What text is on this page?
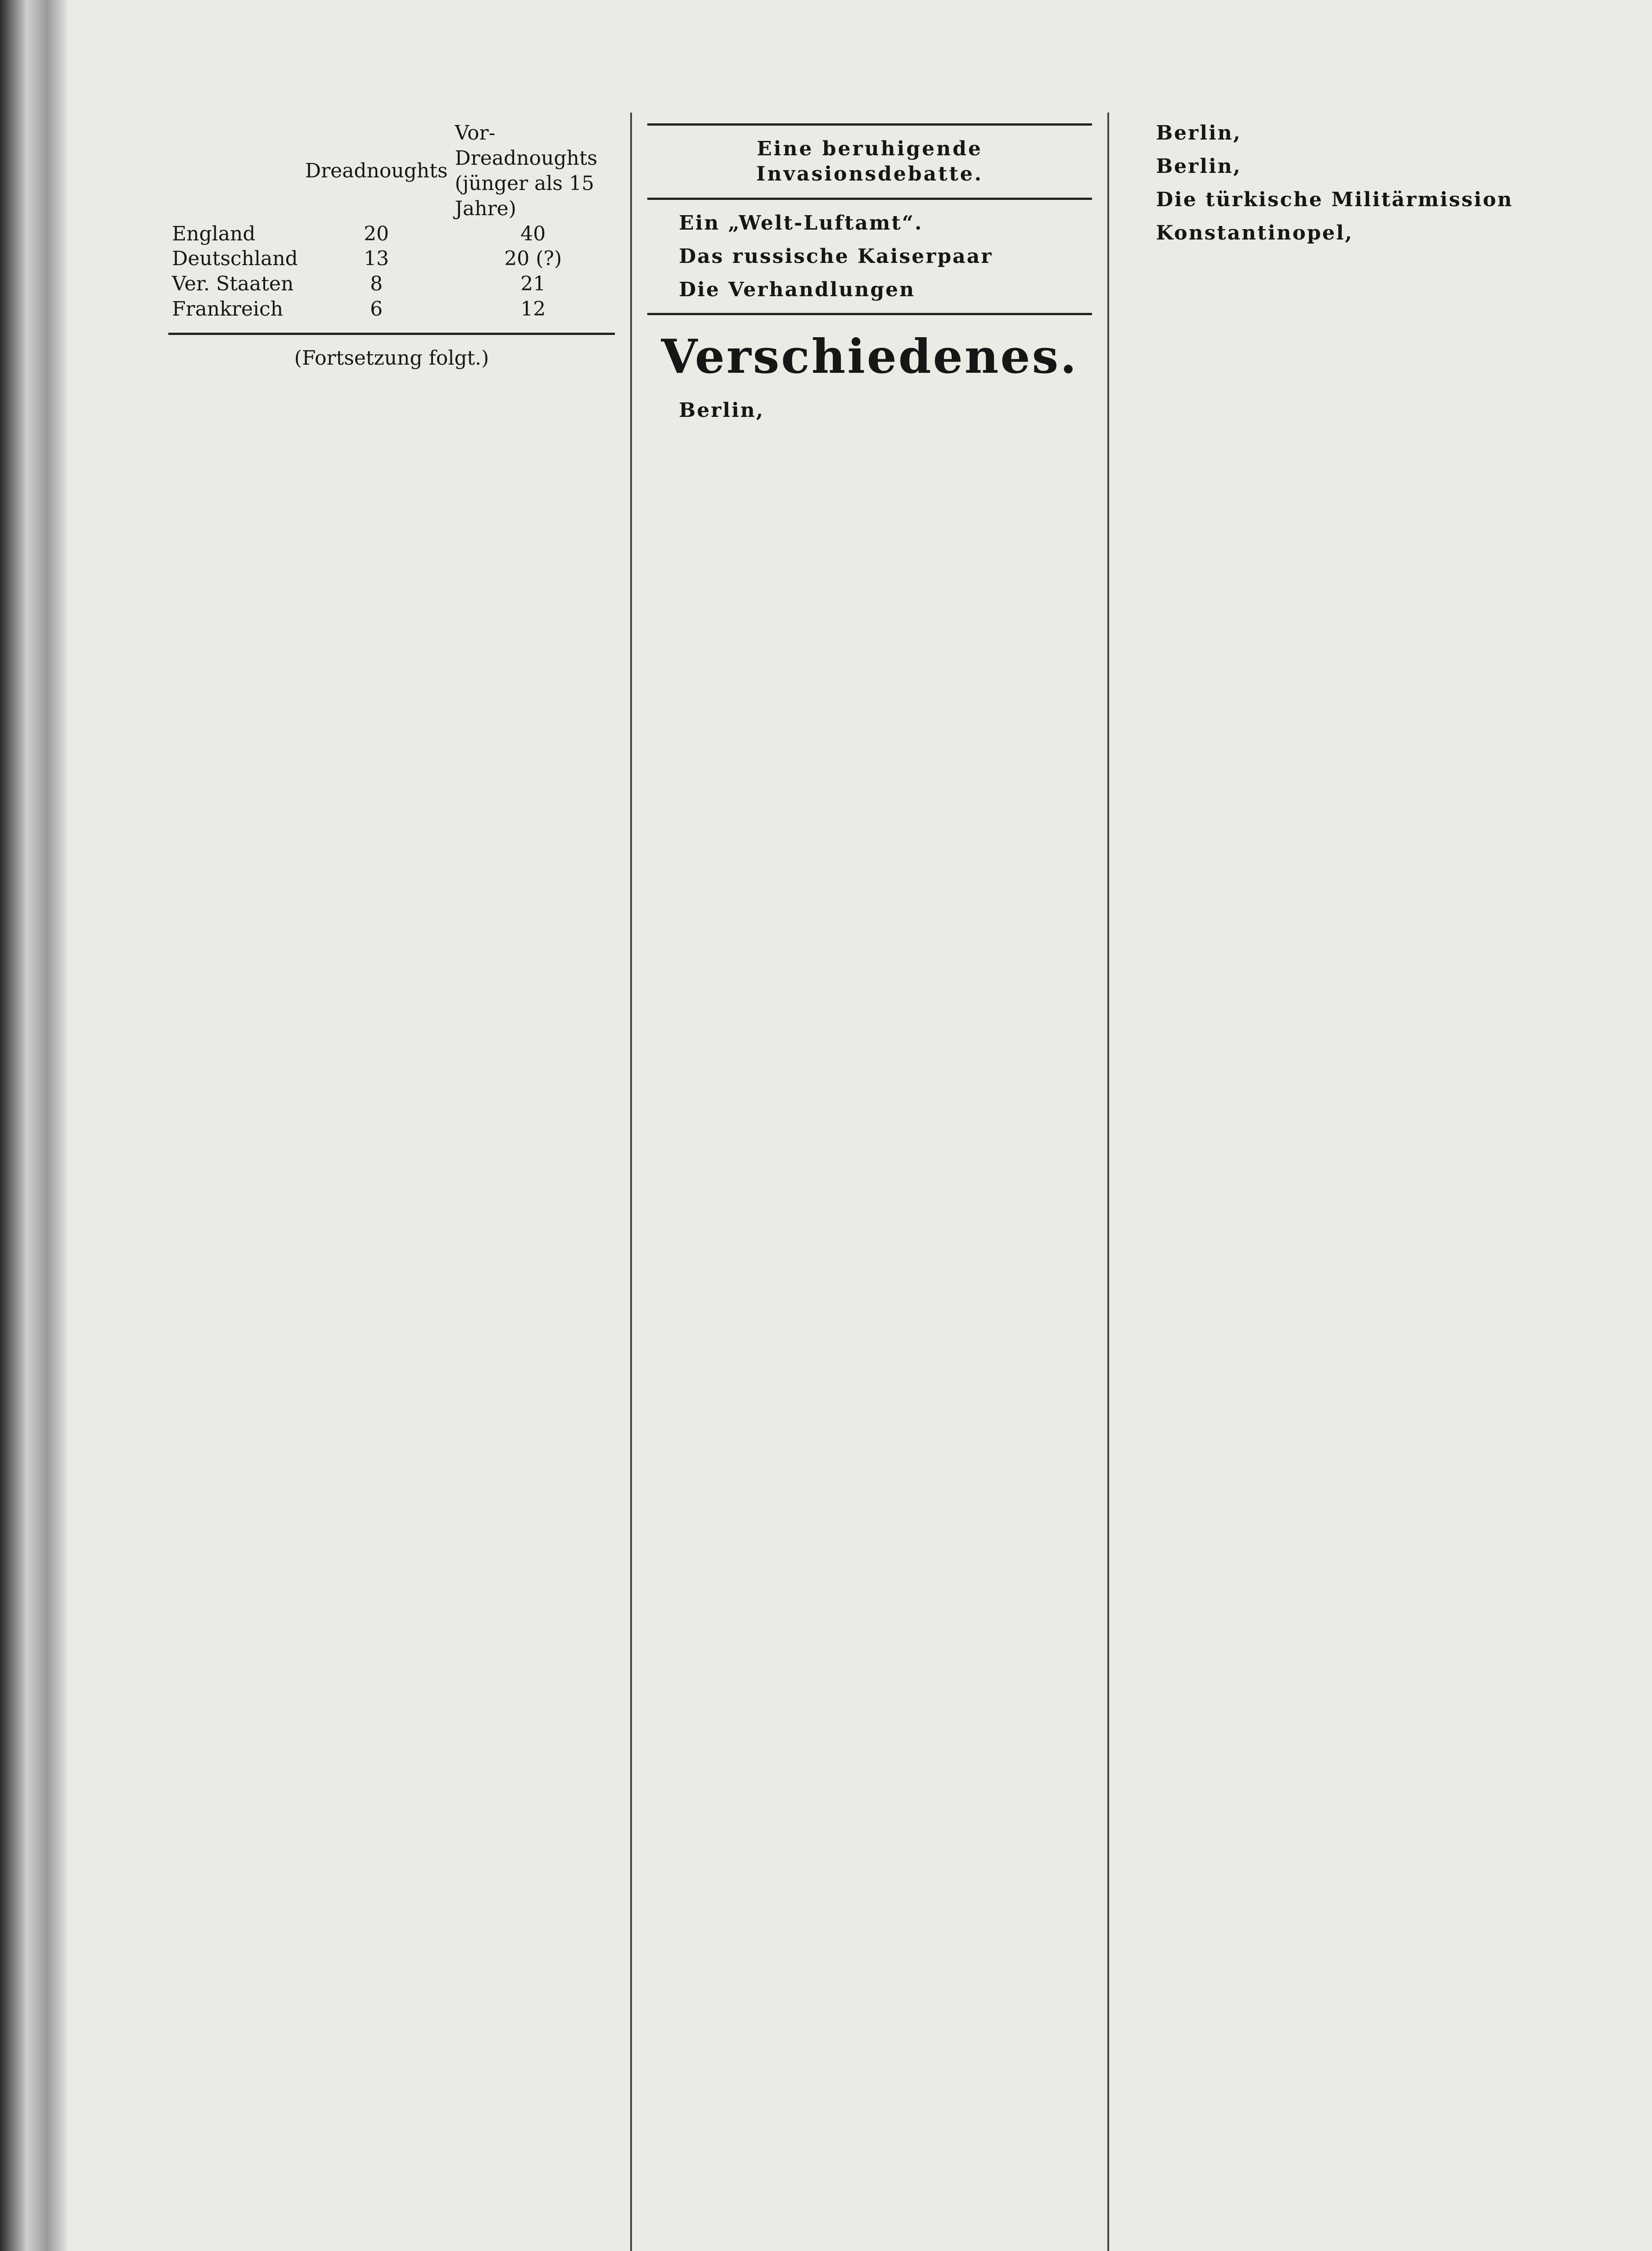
	Dreadnoughts	Vor-Dreadnoughts (jünger als 15 Jahre)
England	20	40
Deutschland	13	20 (?)
Ver. Staaten	8	21
Frankreich	6	12

(Fortsetzung folgt.)

Eine beruhigende Invasionsdebatte.

Ein „Welt-Luftamt“.

Das russische Kaiserpaar

Die Verhandlungen

Verschiedenes.

Berlin,

Berlin,

Berlin,

Die türkische Militärmission

Konstantinopel,
